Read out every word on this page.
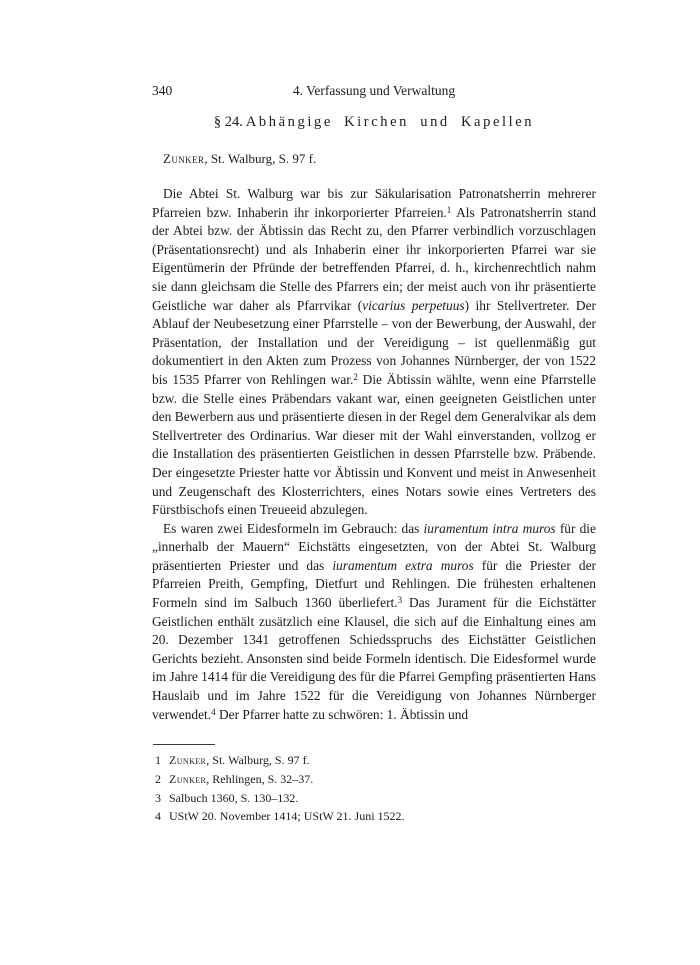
340	4. Verfassung und Verwaltung
§ 24. Abhängige Kirchen und Kapellen
Zunker, St. Walburg, S. 97 f.

Die Abtei St. Walburg war bis zur Säkularisation Patronatsherrin mehrerer Pfarreien bzw. Inhaberin ihr inkorporierter Pfarreien.$^1$ Als Patronatsherrin stand der Abtei bzw. der Äbtissin das Recht zu, den Pfarrer verbindlich vorzuschlagen (Präsentationsrecht) und als Inhaberin einer ihr inkorporierten Pfarrei war sie Eigentümerin der Pfründe der betreffenden Pfarrei, d. h., kirchenrechtlich nahm sie dann gleichsam die Stelle des Pfarrers ein; der meist auch von ihr präsentierte Geistliche war daher als Pfarrvikar (vicarius perpetuus) ihr Stellvertreter. Der Ablauf der Neubesetzung einer Pfarrstelle – von der Bewerbung, der Auswahl, der Präsentation, der Installation und der Vereidigung – ist quellenmäßig gut dokumentiert in den Akten zum Prozess von Johannes Nürnberger, der von 1522 bis 1535 Pfarrer von Rehlingen war.$^2$ Die Äbtissin wählte, wenn eine Pfarrstelle bzw. die Stelle eines Präbendars vakant war, einen geeigneten Geistlichen unter den Bewerbern aus und präsentierte diesen in der Regel dem Generalvikar als dem Stellvertreter des Ordinarius. War dieser mit der Wahl einverstanden, vollzog er die Installation des präsentierten Geistlichen in dessen Pfarrstelle bzw. Präbende. Der eingesetzte Priester hatte vor Äbtissin und Konvent und meist in Anwesenheit und Zeugenschaft des Klosterrichters, eines Notars sowie eines Vertreters des Fürstbischofs einen Treueeid abzulegen.

Es waren zwei Eidesformeln im Gebrauch: das iuramentum intra muros für die „innerhalb der Mauern“ Eichstätts eingesetzten, von der Abtei St. Walburg präsentierten Priester und das iuramentum extra muros für die Priester der Pfarreien Preith, Gempfing, Dietfurt und Rehlingen. Die frühesten erhaltenen Formeln sind im Salbuch 1360 überliefert.$^3$ Das Jurament für die Eichstätter Geistlichen enthält zusätzlich eine Klausel, die sich auf die Einhaltung eines am 20. Dezember 1341 getroffenen Schiedsspruchs des Eichstätter Geistlichen Gerichts bezieht. Ansonsten sind beide Formeln identisch. Die Eidesformel wurde im Jahre 1414 für die Vereidigung des für die Pfarrei Gempfing präsentierten Hans Hauslaib und im Jahre 1522 für die Vereidigung von Johannes Nürnberger verwendet.$^4$ Der Pfarrer hatte zu schwören: 1. Äbtissin und

1 Zunker, St. Walburg, S. 97 f.
2 Zunker, Rehlingen, S. 32–37.
3 Salbuch 1360, S. 130–132.
4 UStW 20. November 1414; UStW 21. Juni 1522.
